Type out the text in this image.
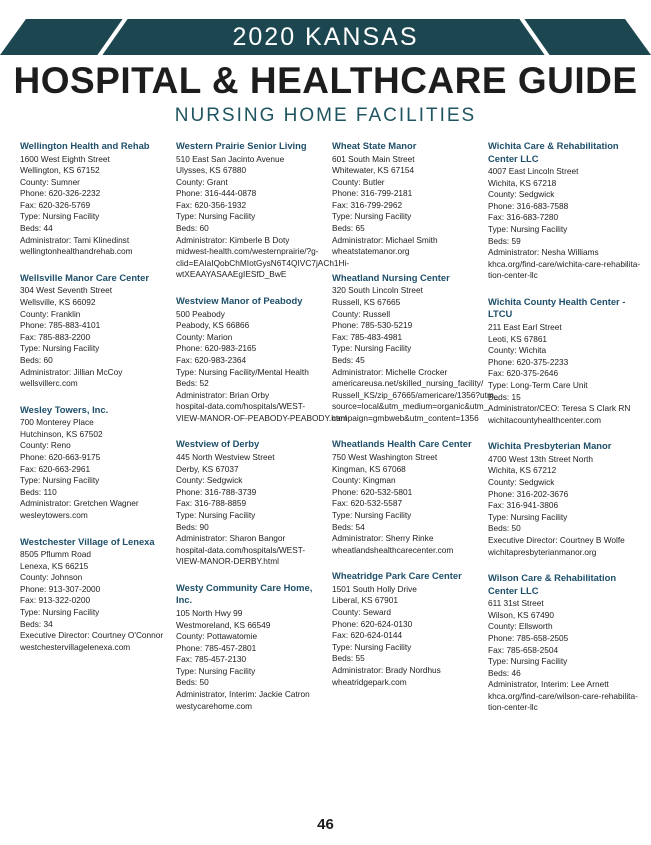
2020 KANSAS
HOSPITAL & HEALTHCARE GUIDE
NURSING HOME FACILITIES
Wellington Health and Rehab
1600 West Eighth Street
Wellington, KS 67152
County: Sumner
Phone: 620-326-2232
Fax: 620-326-5769
Type: Nursing Facility
Beds: 44
Administrator: Tami Klinedinst
wellingtonhealthandrehab.com
Wellsville Manor Care Center
304 West Seventh Street
Wellsville, KS 66092
County: Franklin
Phone: 785-883-4101
Fax: 785-883-2200
Type: Nursing Facility
Beds: 60
Administrator: Jillian McCoy
wellsvillerc.com
Wesley Towers, Inc.
700 Monterey Place
Hutchinson, KS 67502
County: Reno
Phone: 620-663-9175
Fax: 620-663-2961
Type: Nursing Facility
Beds: 110
Administrator: Gretchen Wagner
wesleytowers.com
Westchester Village of Lenexa
8505 Pflumm Road
Lenexa, KS 66215
County: Johnson
Phone: 913-307-2000
Fax: 913-322-0200
Type: Nursing Facility
Beds: 34
Executive Director: Courtney O'Connor
westchestervillagelenexa.com
Western Prairie Senior Living
510 East San Jacinto Avenue
Ulysses, KS 67880
County: Grant
Phone: 316-444-0878
Fax: 620-356-1932
Type: Nursing Facility
Beds: 60
Administrator: Kimberle B Doty
midwest-health.com/westernprairie/?g-
clid=EAIaIQobChMIotGysN6T4QIVC7jACh1Hi-
wtXEAAYASAAEgIESfD_BwE
Westview Manor of Peabody
500 Peabody
Peabody, KS 66866
County: Marion
Phone: 620-983-2165
Fax: 620-983-2364
Type: Nursing Facility/Mental Health
Beds: 52
Administrator: Brian Orby
hospital-data.com/hospitals/WEST-
VIEW-MANOR-OF-PEABODY-PEABODY.html
Westview of Derby
445 North Westview Street
Derby, KS 67037
County: Sedgwick
Phone: 316-788-3739
Fax: 316-788-8859
Type: Nursing Facility
Beds: 90
Administrator: Sharon Bangor
hospital-data.com/hospitals/WEST-
VIEW-MANOR-DERBY.html
Westy Community Care Home, Inc.
105 North Hwy 99
Westmoreland, KS 66549
County: Pottawatomie
Phone: 785-457-2801
Fax: 785-457-2130
Type: Nursing Facility
Beds: 50
Administrator, Interim: Jackie Catron
westycarehome.com
Wheat State Manor
601 South Main Street
Whitewater, KS 67154
County: Butler
Phone: 316-799-2181
Fax: 316-799-2962
Type: Nursing Facility
Beds: 65
Administrator: Michael Smith
wheatstatemanor.org
Wheatland Nursing Center
320 South Lincoln Street
Russell, KS 67665
County: Russell
Phone: 785-530-5219
Fax: 785-483-4981
Type: Nursing Facility
Beds: 45
Administrator: Michelle Crocker
americareusa.net/skilled_nursing_facility/
Russell_KS/zip_67665/americare/1356?utm_
source=local&utm_medium=organic&utm_
campaign=gmbweb&utm_content=1356
Wheatlands Health Care Center
750 West Washington Street
Kingman, KS 67068
County: Kingman
Phone: 620-532-5801
Fax: 620-532-5587
Type: Nursing Facility
Beds: 54
Administrator: Sherry Rinke
wheatlandshealthcarecenter.com
Wheatridge Park Care Center
1501 South Holly Drive
Liberal, KS 67901
County: Seward
Phone: 620-624-0130
Fax: 620-624-0144
Type: Nursing Facility
Beds: 55
Administrator: Brady Nordhus
wheatridgepark.com
Wichita Care & Rehabilitation Center LLC
4007 East Lincoln Street
Wichita, KS 67218
County: Sedgwick
Phone: 316-683-7588
Fax: 316-683-7280
Type: Nursing Facility
Beds: 59
Administrator: Nesha Williams
khca.org/find-care/wichita-care-rehabilita-
tion-center-llc
Wichita County Health Center - LTCU
211 East Earl Street
Leoti, KS 67861
County: Wichita
Phone: 620-375-2233
Fax: 620-375-2646
Type: Long-Term Care Unit
Beds: 15
Administrator/CEO: Teresa S Clark RN
wichitacountyhealthcenter.com
Wichita Presbyterian Manor
4700 West 13th Street North
Wichita, KS 67212
County: Sedgwick
Phone: 316-202-3676
Fax: 316-941-3806
Type: Nursing Facility
Beds: 50
Executive Director: Courtney B Wolfe
wichitapresbyterianmanor.org
Wilson Care & Rehabilitation Center LLC
611 31st Street
Wilson, KS 67490
County: Ellsworth
Phone: 785-658-2505
Fax: 785-658-2504
Type: Nursing Facility
Beds: 46
Administrator, Interim: Lee Arnett
khca.org/find-care/wilson-care-rehabilita-
tion-center-llc
46
